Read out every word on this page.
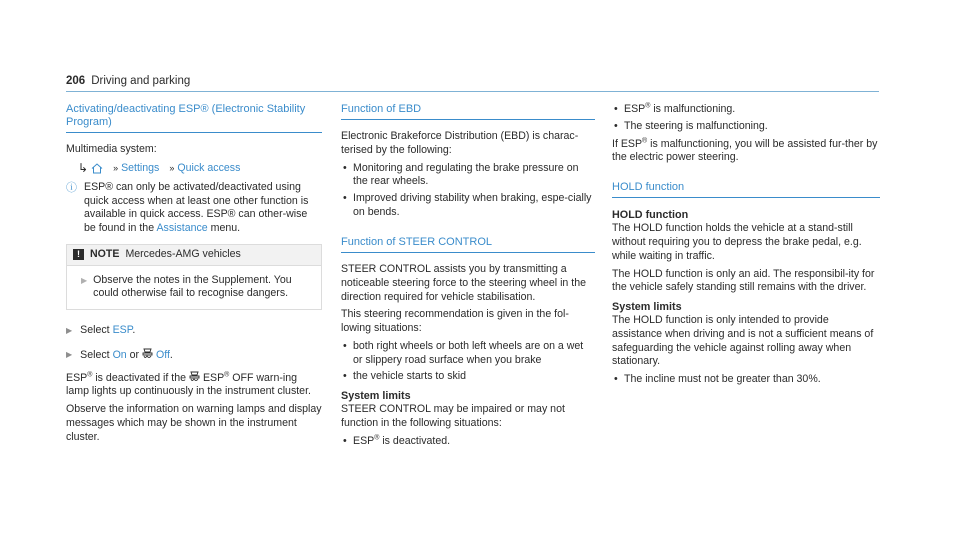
206 Driving and parking
Activating/deactivating ESP® (Electronic Stability Program)

Multimedia system:

↳	» Settings » Quick access
ⓘ ESP® can only be activated/deactivated using quick access when at least one other function is available in quick access. ESP® can other-wise be found in the Assistance menu.
! NOTE Mercedes-AMG vehicles
▶ Observe the notes in the Supplement. You could otherwise fail to recognise dangers.
▶ Select ESP.
▶ Select On or Off.

ESP® is deactivated if the ESP® OFF warn-ing lamp lights up continuously in the instrument cluster.

Observe the information on warning lamps and display messages which may be shown in the instrument cluster.

Function of EBD

Electronic Brakeforce Distribution (EBD) is charac-terised by the following:

• Monitoring and regulating the brake pressure on the rear wheels.
• Improved driving stability when braking, espe-cially on bends.
Function of STEER CONTROL

STEER CONTROL assists you by transmitting a noticeable steering force to the steering wheel in the direction required for vehicle stabilisation.

This steering recommendation is given in the fol-lowing situations:

• both right wheels or both left wheels are on a wet or slippery road surface when you brake
• the vehicle starts to skid
System limits

STEER CONTROL may be impaired or may not function in the following situations:

• ESP® is deactivated.
• ESP® is malfunctioning.
• The steering is malfunctioning.

If ESP® is malfunctioning, you will be assisted fur-ther by the electric power steering.

HOLD function
HOLD function

The HOLD function holds the vehicle at a stand-still without requiring you to depress the brake pedal, e.g. while waiting in traffic.

The HOLD function is only an aid. The responsibil-ity for the vehicle safely standing still remains with the driver.

System limits

The HOLD function is only intended to provide assistance when driving and is not a sufficient means of safeguarding the vehicle against rolling away when stationary.

• The incline must not be greater than 30%.
